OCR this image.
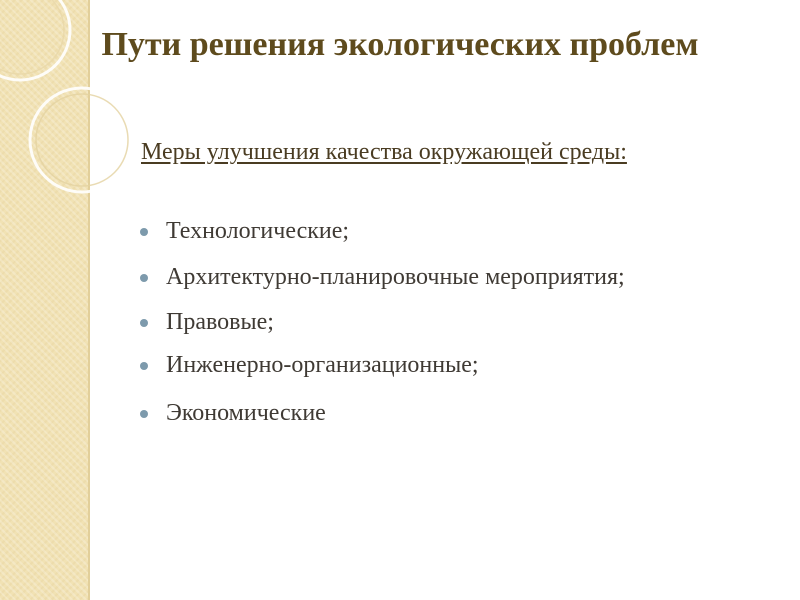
Пути решения экологических проблем

Меры улучшения качества окружающей среды:

Технологические;
Архитектурно-планировочные мероприятия;
Правовые;
Инженерно-организационные;
Экономические
